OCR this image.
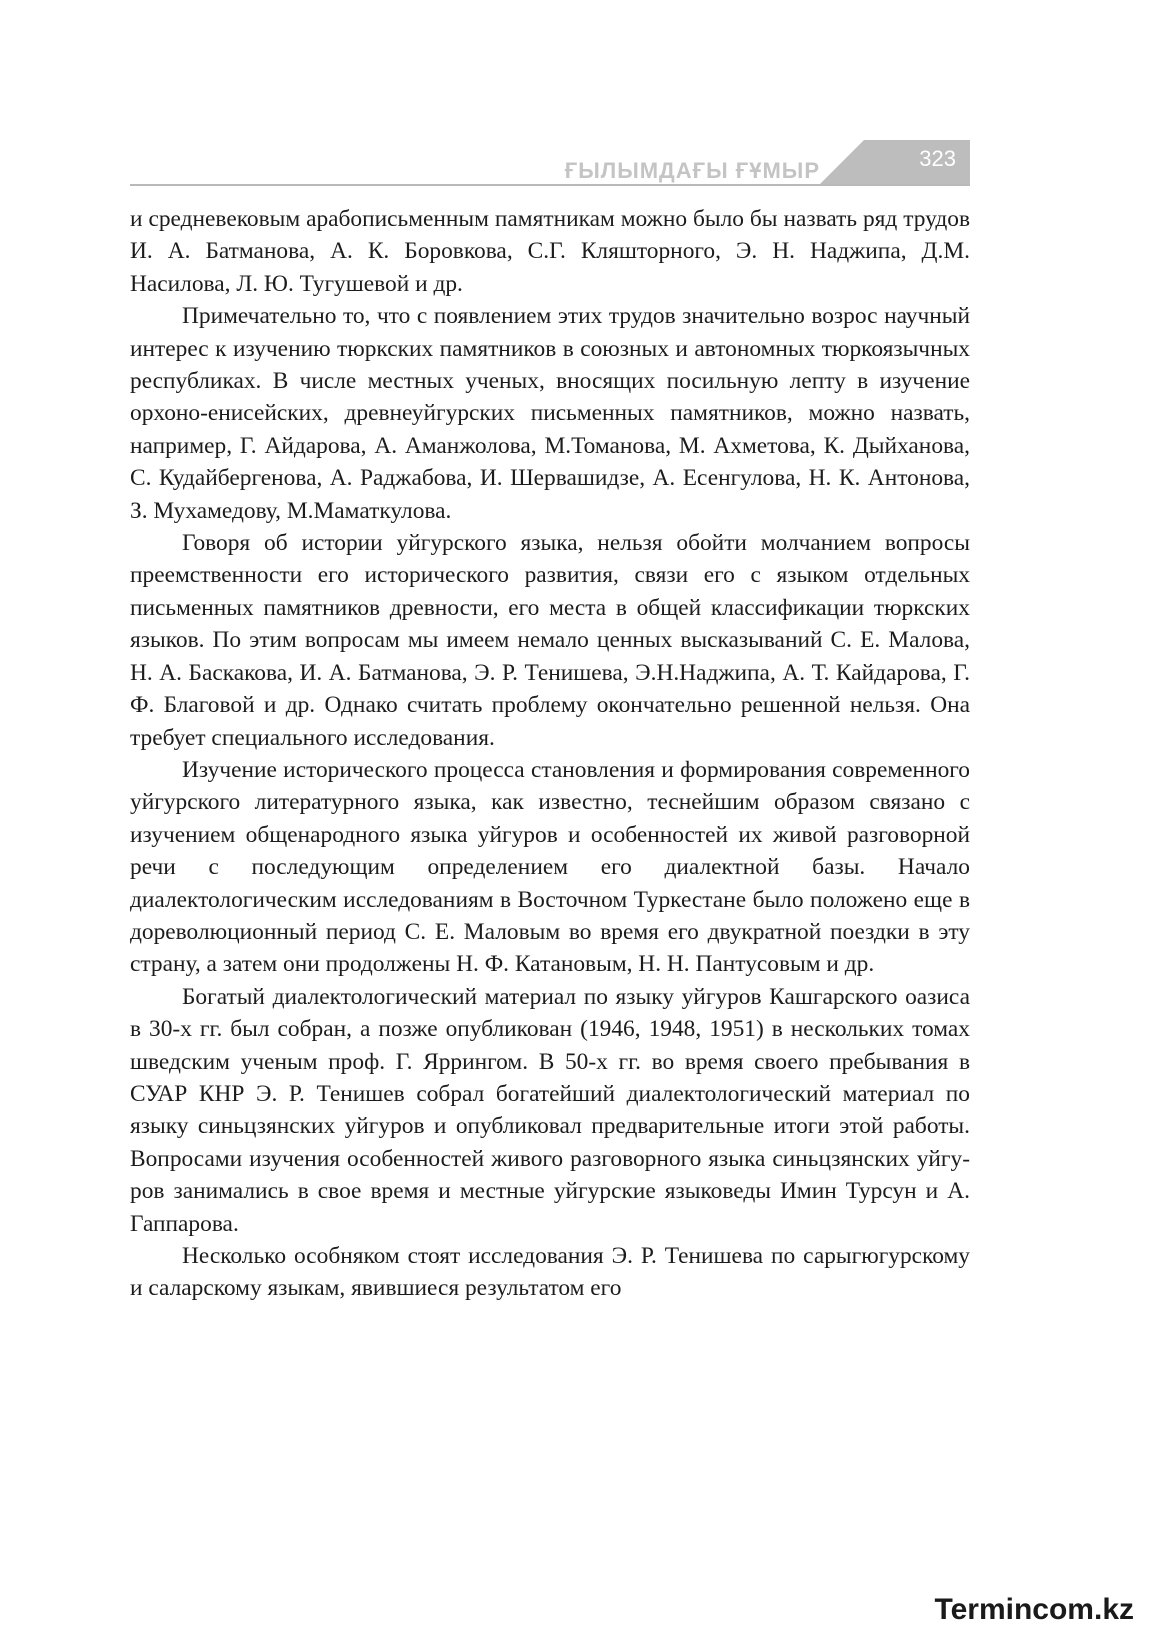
ҒЫЛЫМДАҒЫ ҒҰМЫР	323

и средневековым арабописьменным памятникам можно было бы назвать ряд трудов И. А. Батманова, А. К. Боровкова, С.Г. Кляшторного, Э. Н. Наджипа, Д.М. Насилова, Л. Ю. Тугушевой и др.

Примечательно то, что с появлением этих трудов значительно возрос научный интерес к изучению тюркских памятников в союзных и автономных тюркоязычных республиках. В числе местных ученых, вносящих посильную лепту в изучение орхоно-енисейских, древнеуйгурских письменных памятников, можно назвать, например, Г. Айдарова, А. Аманжолова, М.Томанова, М. Ахметова, К. Дыйханова, С. Кудайбергенова, А. Раджабова, И. Шервашидзе, А. Есенгулова, Н. К. Антонова, З. Мухамедову, М.Маматкулова.

Говоря об истории уйгурского языка, нельзя обойти молчанием вопросы преемственности его исторического развития, связи его с языком отдельных письменных памятников древности, его места в общей классификации тюркских языков. По этим вопросам мы имеем немало ценных высказываний С. Е. Малова, Н. А. Баскакова, И. А. Батманова, Э. Р. Тенишева, Э.Н.Наджипа, А. Т. Кайдарова, Г. Ф. Благовой и др. Однако считать проблему окончательно решенной нельзя. Она требует специального исследования.

Изучение исторического процесса становления и формирования современного уйгурского литературного языка, как известно, теснейшим образом связано с изучением общенародного языка уйгуров и особенностей их живой разговорной речи с последующим определением его диалектной базы. Начало диалектологическим исследованиям в Восточном Туркестане было положено еще в дореволюционный период С. Е. Маловым во время его двукратной поездки в эту страну, а затем они продолжены Н. Ф. Катановым, Н. Н. Пантусовым и др.

Богатый диалектологический материал по языку уйгуров Кашгарского оазиса в 30-х гг. был собран, а позже опубликован (1946, 1948, 1951) в нескольких томах шведским ученым проф. Г. Яррингом. В 50-х гг. во время своего пребывания в СУАР КНР Э. Р. Тенишев собрал богатейший диалектологический материал по языку синьцзянских уйгуров и опубликовал предварительные итоги этой работы. Вопросами изучения особенностей живого разговорного языка синьцзянских уйгуров занимались в свое время и местные уйгурские языковеды Имин Турсун и А. Гаппарова.

Несколько особняком стоят исследования Э. Р. Тенишева по сарыгюгурскому и саларскому языкам, явившиеся результатом его

Termincom.kz
